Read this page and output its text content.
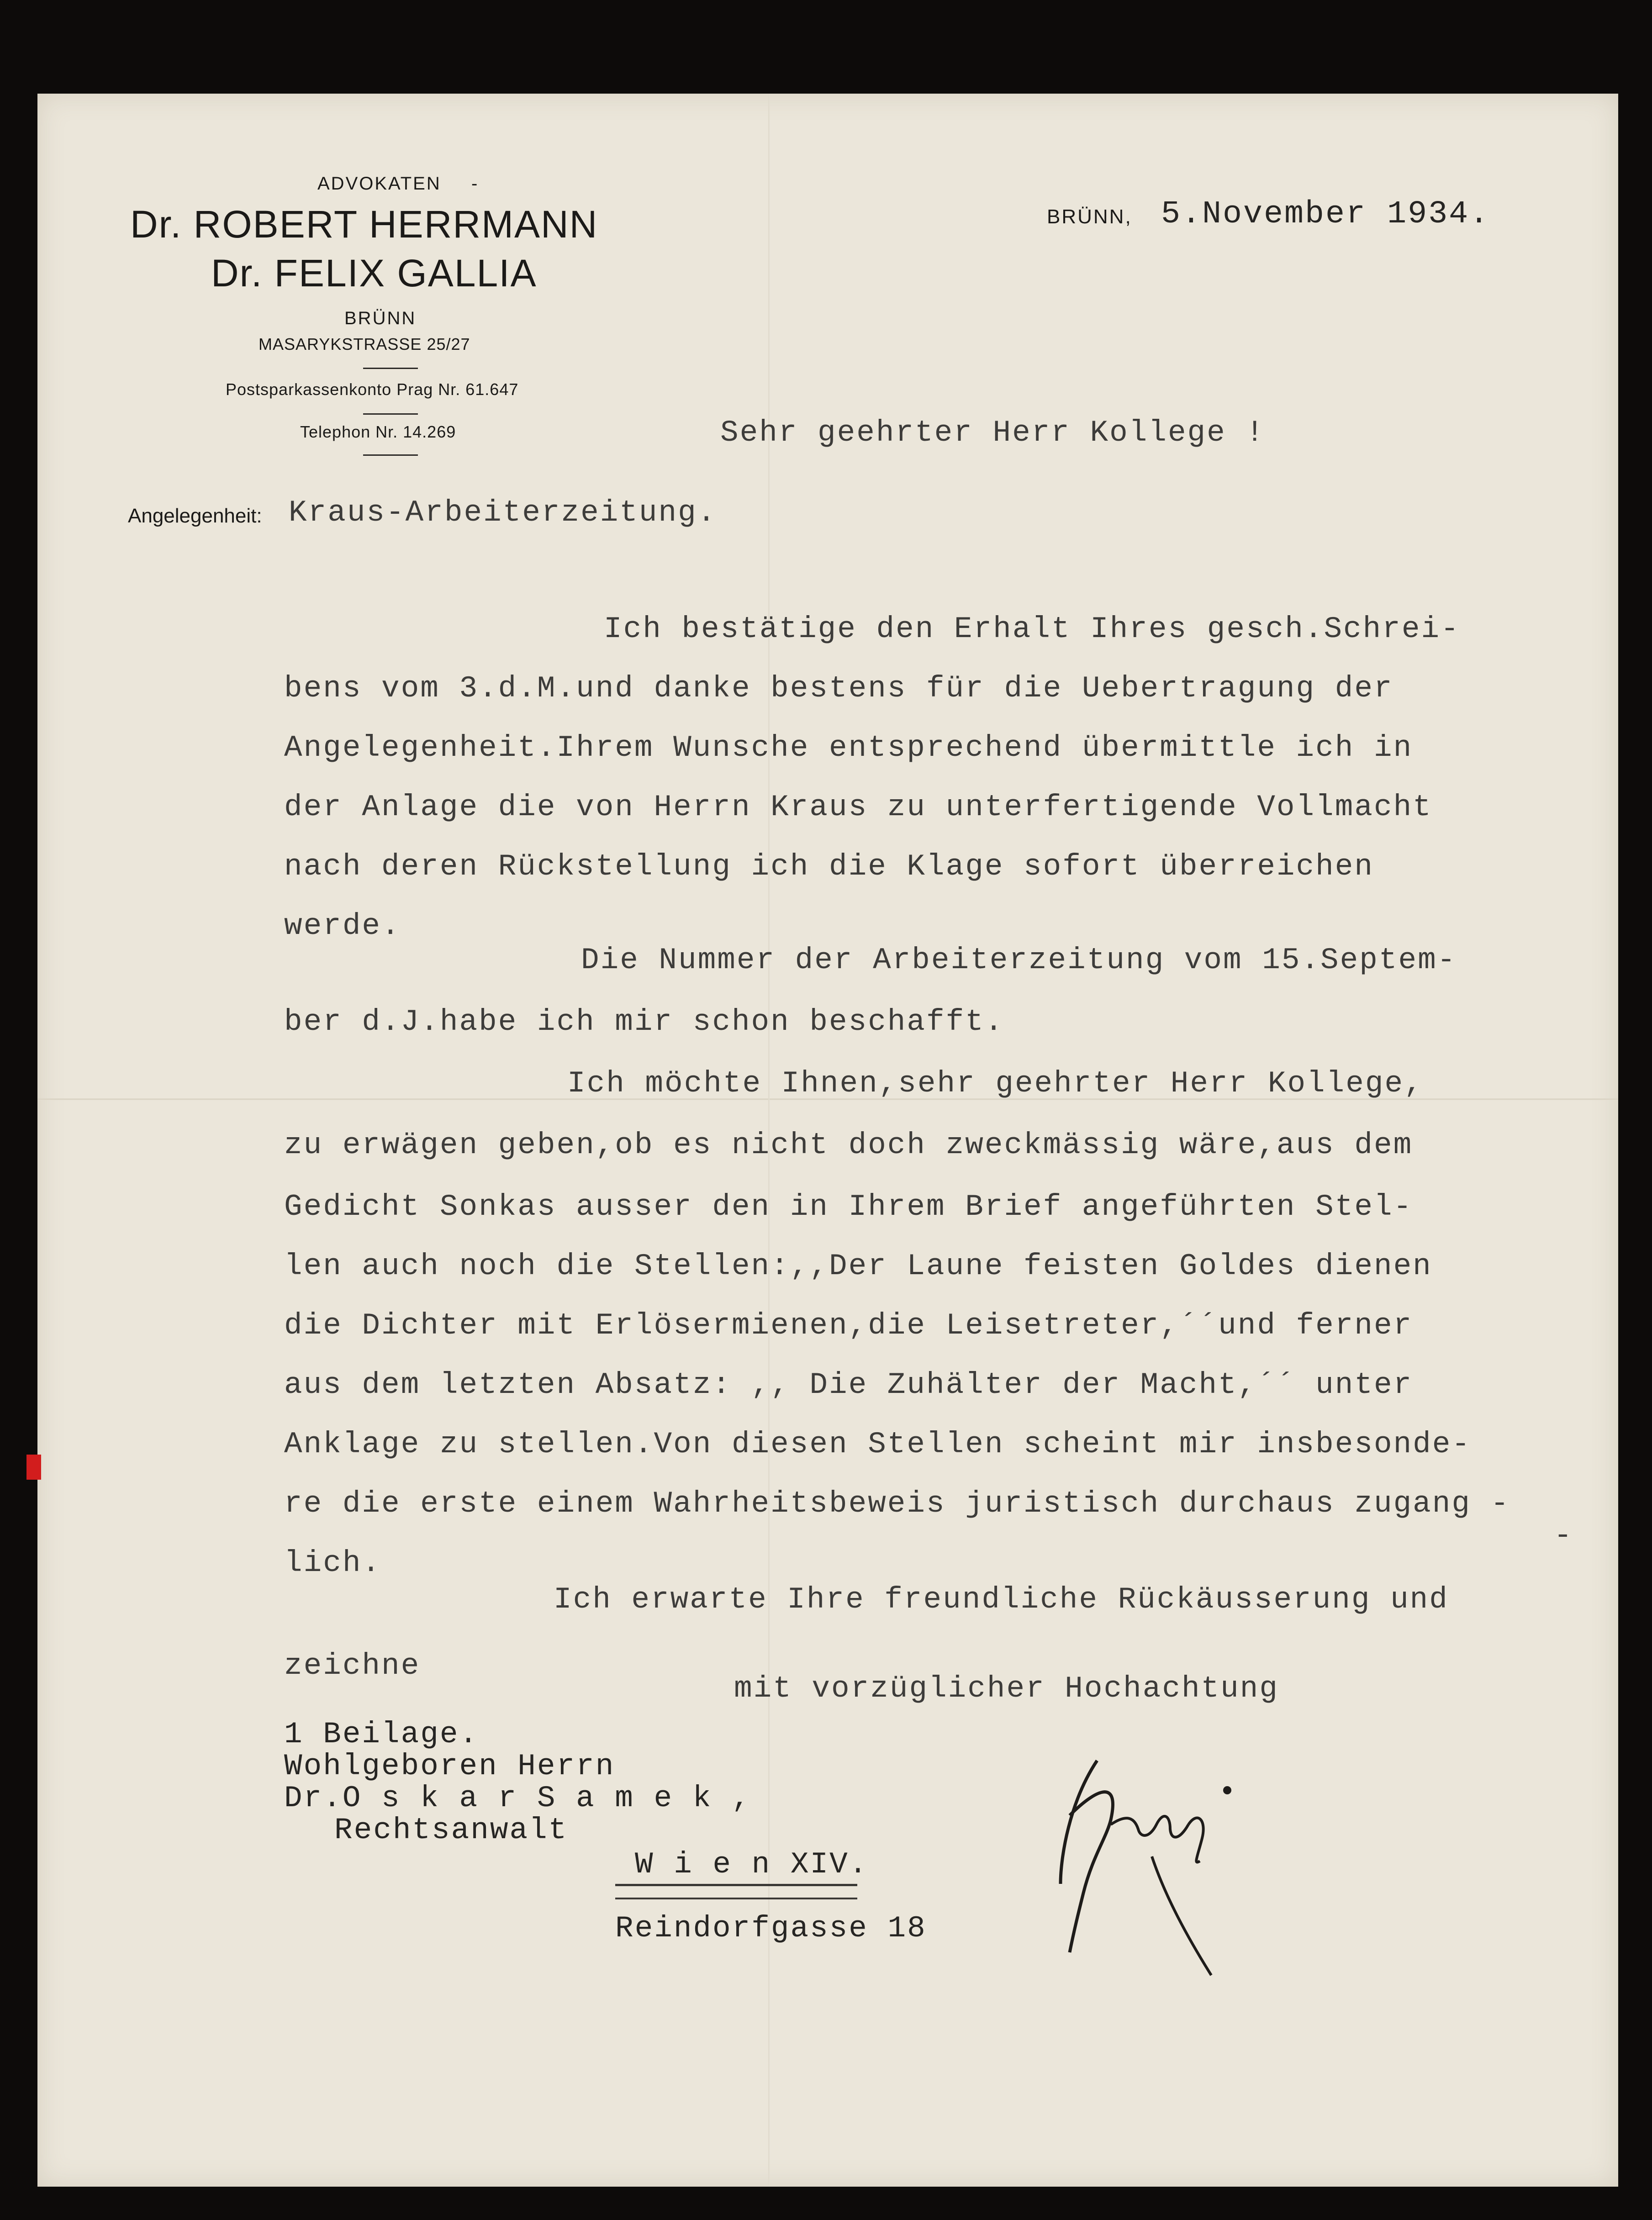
ADVOKATEN -
Dr. ROBERT HERRMANN
Dr. FELIX GALLIA
BRÜNN
MASARYKSTRASSE 25/27
Postsparkassenkonto Prag Nr. 61.647
Telephon Nr. 14.269
BRÜNN, 5.November 1934.
Sehr geehrter Herr Kollege !
Angelegenheit: Kraus-Arbeiterzeitung.
Ich bestätige den Erhalt Ihres gesch.Schrei-
bens vom 3.d.M.und danke bestens für die Uebertragung der
Angelegenheit.Ihrem Wunsche entsprechend übermittle ich in
der Anlage die von Herrn Kraus zu unterfertigende Vollmacht
nach deren Rückstellung ich die Klage sofort überreichen
werde.
Die Nummer der Arbeiterzeitung vom 15.Septem-
ber d.J.habe ich mir schon beschafft.
Ich möchte Ihnen,sehr geehrter Herr Kollege,
zu erwägen geben,ob es nicht doch zweckmässig wäre,aus dem
Gedicht Sonkas ausser den in Ihrem Brief angeführten Stel-
len auch noch die Stellen:,,Der Laune feisten Goldes dienen
die Dichter mit Erlösermienen,die Leisetreter,´´und ferner
aus dem letzten Absatz: ,, Die Zuhälter der Macht,´´ unter
Anklage zu stellen.Von diesen Stellen scheint mir insbesonde-
re die erste einem Wahrheitsbeweis juristisch durchaus zugang -
lich.
Ich erwarte Ihre freundliche Rückäusserung und
zeichne
mit vorzüglicher Hochachtung
1 Beilage.
Wohlgeboren Herrn
Dr.O s k a r S a m e k ,
Rechtsanwalt
W i e n XIV.
Reindorfgasse 18
-
